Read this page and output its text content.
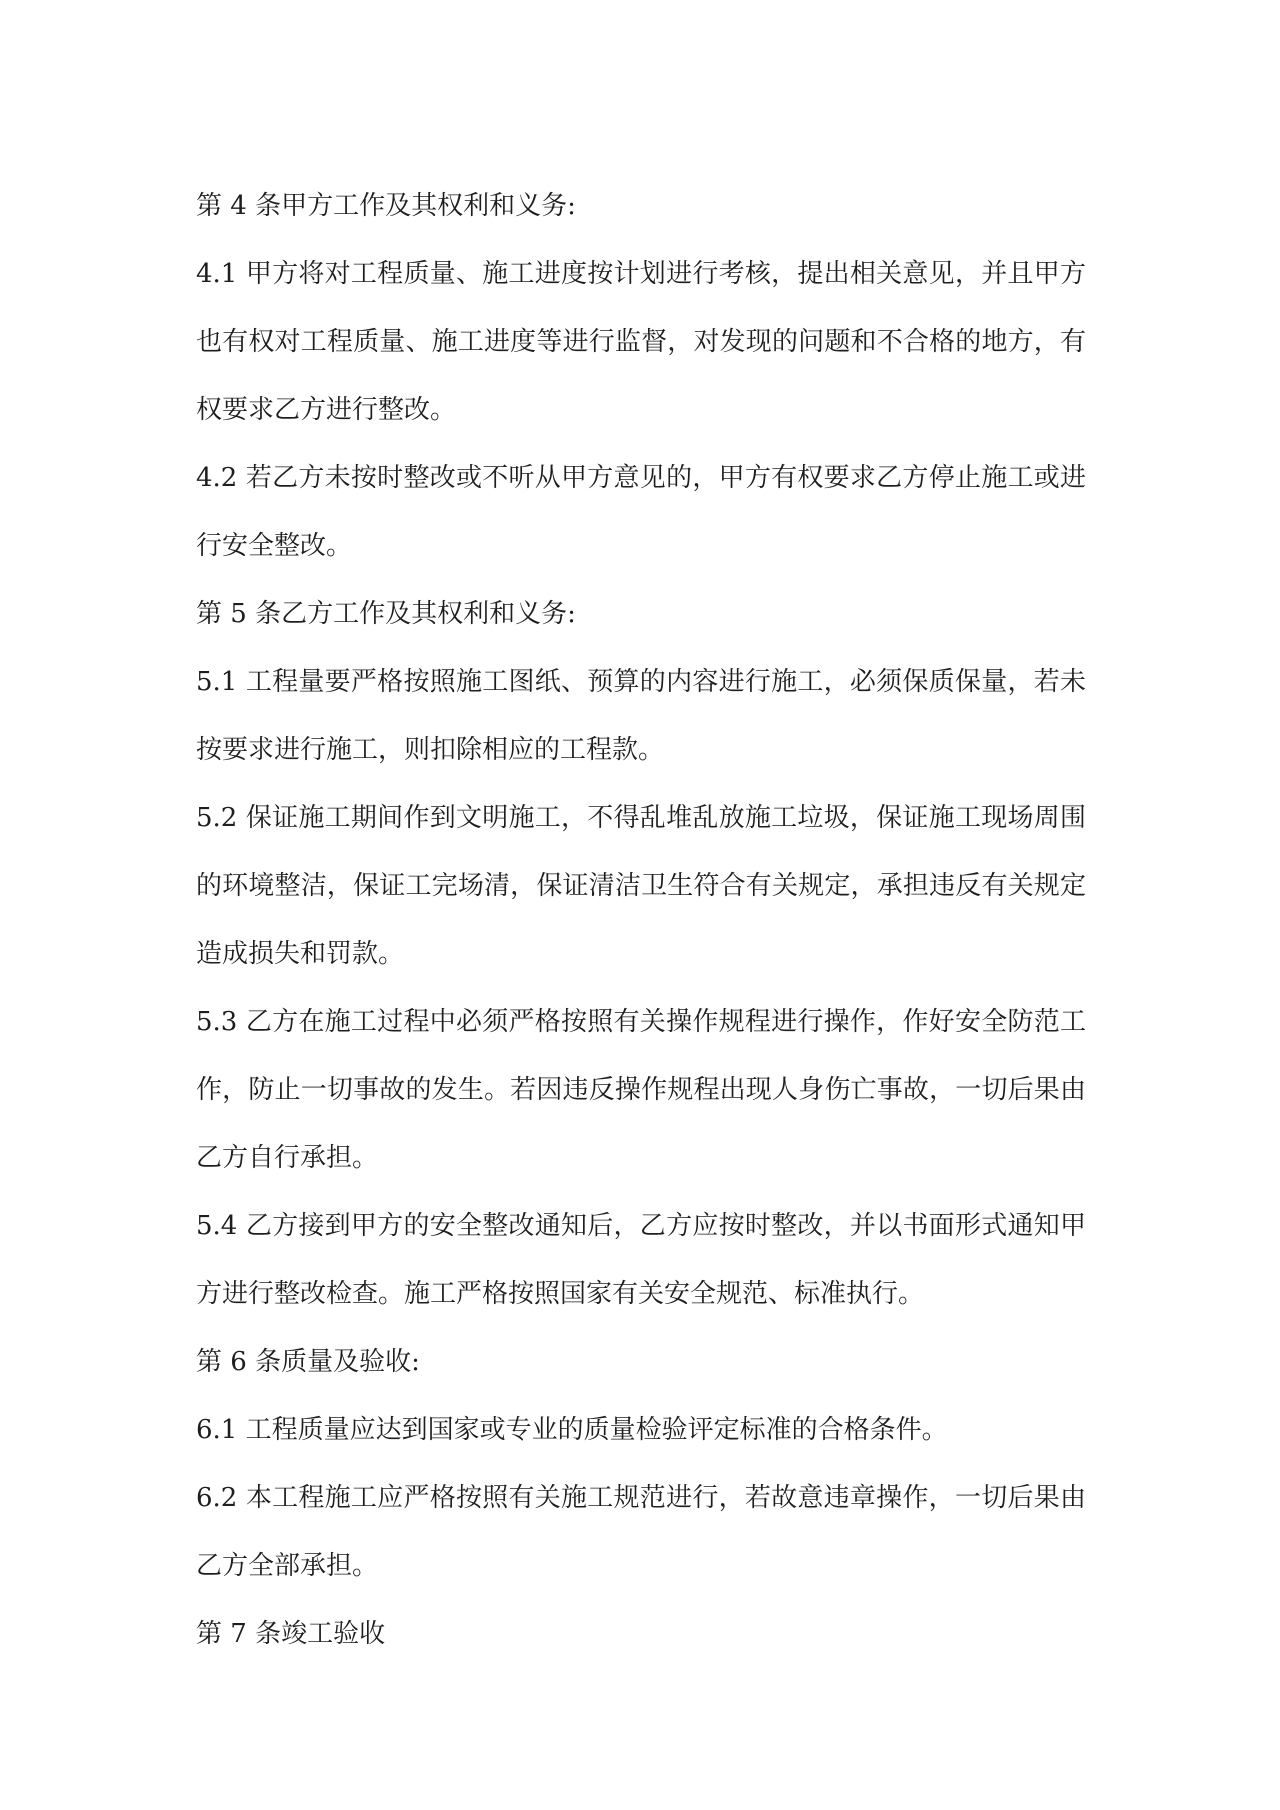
第 4 条甲方工作及其权利和义务:

4.1 甲方将对工程质量、施工进度按计划进行考核，提出相关意见，并且甲方也有权对工程质量、施工进度等进行监督，对发现的问题和不合格的地方，有权要求乙方进行整改。

4.2 若乙方未按时整改或不听从甲方意见的，甲方有权要求乙方停止施工或进行安全整改。

第 5 条乙方工作及其权利和义务:

5.1 工程量要严格按照施工图纸、预算的内容进行施工，必须保质保量，若未按要求进行施工，则扣除相应的工程款。

5.2 保证施工期间作到文明施工，不得乱堆乱放施工垃圾，保证施工现场周围的环境整洁，保证工完场清，保证清洁卫生符合有关规定，承担违反有关规定造成损失和罚款。

5.3 乙方在施工过程中必须严格按照有关操作规程进行操作，作好安全防范工作，防止一切事故的发生。若因违反操作规程出现人身伤亡事故，一切后果由乙方自行承担。

5.4 乙方接到甲方的安全整改通知后，乙方应按时整改，并以书面形式通知甲方进行整改检查。施工严格按照国家有关安全规范、标准执行。

第 6 条质量及验收:

6.1 工程质量应达到国家或专业的质量检验评定标准的合格条件。

6.2 本工程施工应严格按照有关施工规范进行，若故意违章操作，一切后果由乙方全部承担。

第 7 条竣工验收
